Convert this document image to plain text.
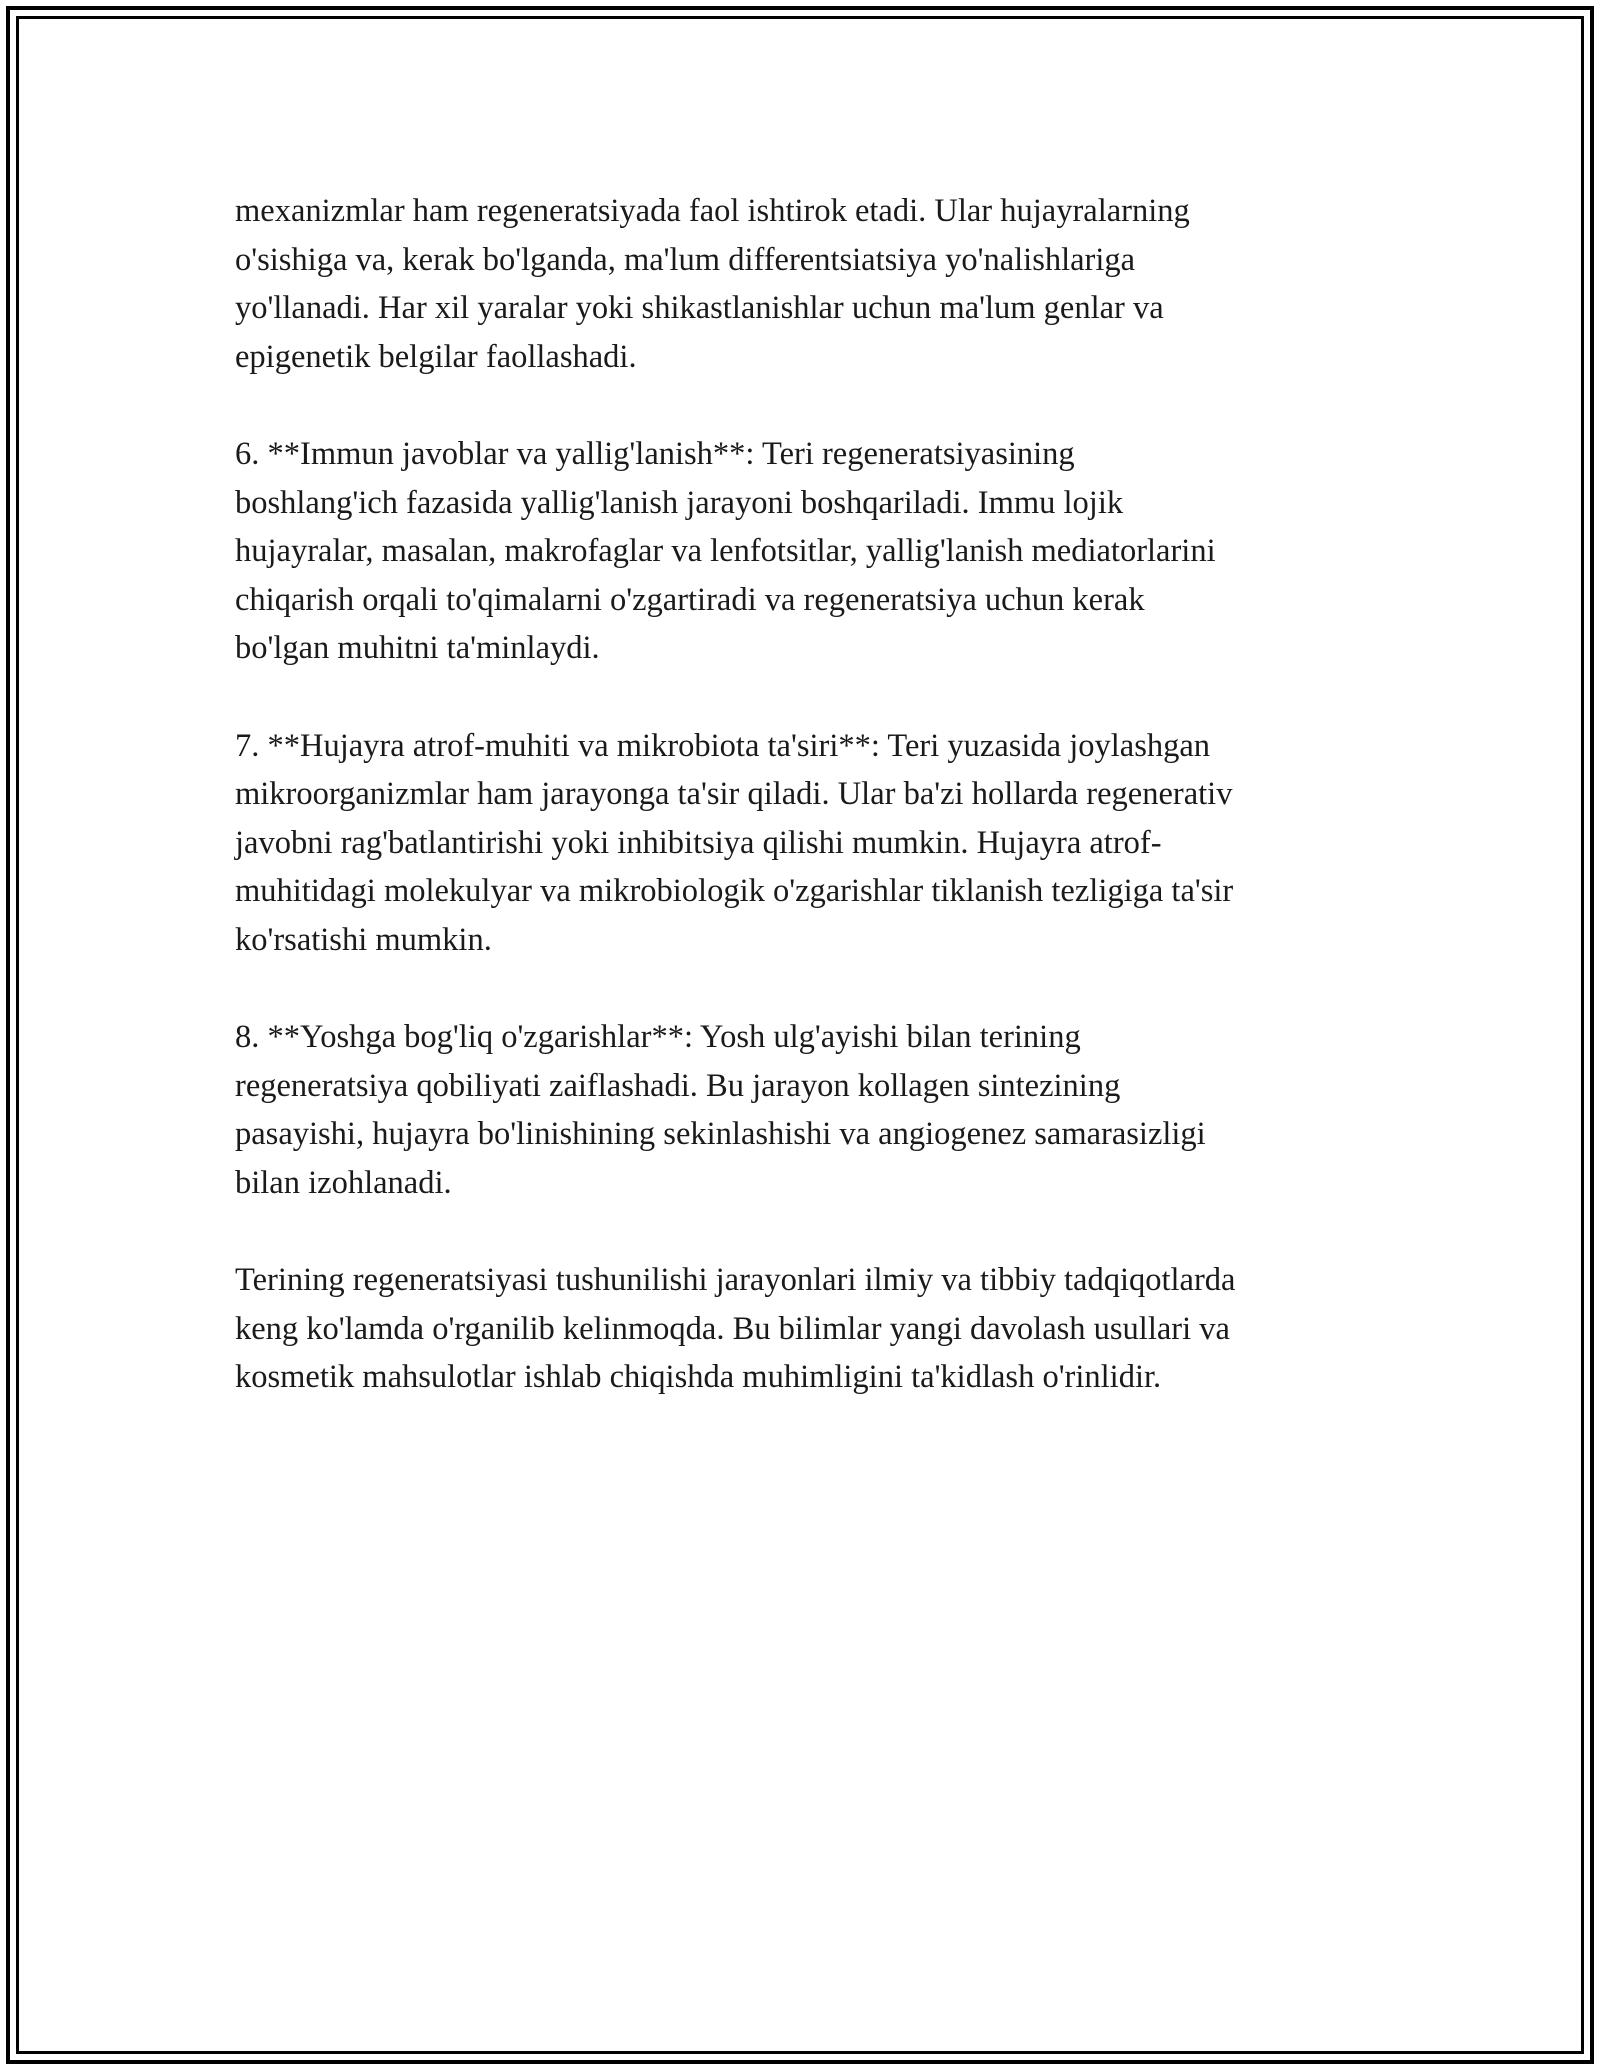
mexanizmlar ham regeneratsiyada faol ishtirok etadi. Ular hujayralarning
o'sishiga va, kerak bo'lganda, ma'lum differentsiatsiya yo'nalishlariga
yo'llanadi. Har xil yaralar yoki shikastlanishlar uchun ma'lum genlar va
epigenetik belgilar faollashadi.

6. **Immun javoblar va yallig'lanish**: Teri regeneratsiyasining
boshlang'ich fazasida yallig'lanish jarayoni boshqariladi. Immu lojik
hujayralar, masalan, makrofaglar va lenfotsitlar, yallig'lanish mediatorlarini
chiqarish orqali to'qimalarni o'zgartiradi va regeneratsiya uchun kerak
bo'lgan muhitni ta'minlaydi.

7. **Hujayra atrof-muhiti va mikrobiota ta'siri**: Teri yuzasida joylashgan
mikroorganizmlar ham jarayonga ta'sir qiladi. Ular ba'zi hollarda regenerativ
javobni rag'batlantirishi yoki inhibitsiya qilishi mumkin. Hujayra atrof-
muhitidagi molekulyar va mikrobiologik o'zgarishlar tiklanish tezligiga ta'sir
ko'rsatishi mumkin.

8. **Yoshga bog'liq o'zgarishlar**: Yosh ulg'ayishi bilan terining
regeneratsiya qobiliyati zaiflashadi. Bu jarayon kollagen sintezining
pasayishi, hujayra bo'linishining sekinlashishi va angiogenez samarasizligi
bilan izohlanadi.

Terining regeneratsiyasi tushunilishi jarayonlari ilmiy va tibbiy tadqiqotlarda
keng ko'lamda o'rganilib kelinmoqda. Bu bilimlar yangi davolash usullari va
kosmetik mahsulotlar ishlab chiqishda muhimligini ta'kidlash o'rinlidir.
